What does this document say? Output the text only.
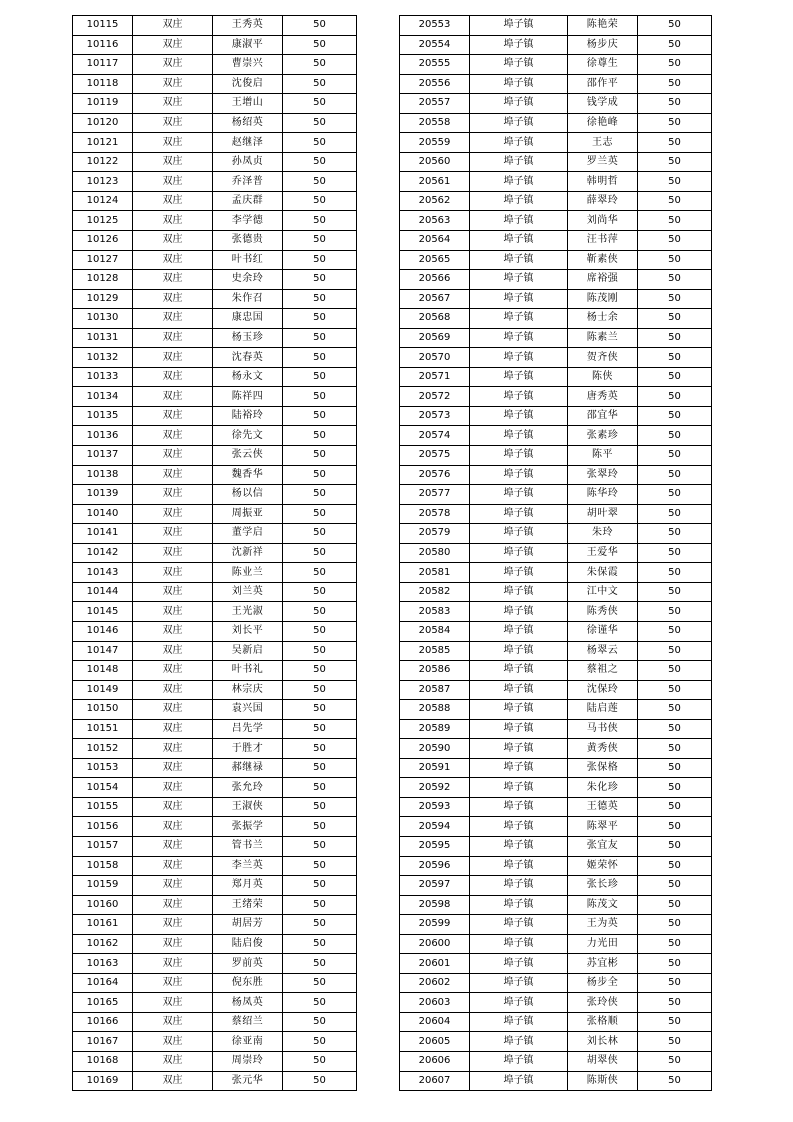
10115	双庄	王秀英	50
10116	双庄	康淑平	50
10117	双庄	曹崇兴	50
10118	双庄	沈俊启	50
10119	双庄	王增山	50
10120	双庄	杨绍英	50
10121	双庄	赵继泽	50
10122	双庄	孙凤贞	50
10123	双庄	乔泽普	50
10124	双庄	孟庆群	50
10125	双庄	李学德	50
10126	双庄	张德贵	50
10127	双庄	叶书红	50
10128	双庄	史余玲	50
10129	双庄	朱作召	50
10130	双庄	康忠国	50
10131	双庄	杨玉珍	50
10132	双庄	沈春英	50
10133	双庄	杨永文	50
10134	双庄	陈祥四	50
10135	双庄	陆裕玲	50
10136	双庄	徐先文	50
10137	双庄	张云侠	50
10138	双庄	魏香华	50
10139	双庄	杨以信	50
10140	双庄	周振亚	50
10141	双庄	董学启	50
10142	双庄	沈新祥	50
10143	双庄	陈业兰	50
10144	双庄	刘兰英	50
10145	双庄	王光淑	50
10146	双庄	刘长平	50
10147	双庄	吴新启	50
10148	双庄	叶书礼	50
10149	双庄	林宗庆	50
10150	双庄	袁兴国	50
10151	双庄	吕先学	50
10152	双庄	于胜才	50
10153	双庄	郝继禄	50
10154	双庄	张允玲	50
10155	双庄	王淑侠	50
10156	双庄	张振学	50
10157	双庄	管书兰	50
10158	双庄	李兰英	50
10159	双庄	郑月英	50
10160	双庄	王绪荣	50
10161	双庄	胡居芳	50
10162	双庄	陆启俊	50
10163	双庄	罗前英	50
10164	双庄	倪东胜	50
10165	双庄	杨凤英	50
10166	双庄	蔡绍兰	50
10167	双庄	徐亚南	50
10168	双庄	周崇玲	50
10169	双庄	张元华	50
20553	埠子镇	陈艳荣	50
20554	埠子镇	杨步庆	50
20555	埠子镇	徐尊生	50
20556	埠子镇	邵作平	50
20557	埠子镇	钱学成	50
20558	埠子镇	徐艳峰	50
20559	埠子镇	王志	50
20560	埠子镇	罗兰英	50
20561	埠子镇	韩明哲	50
20562	埠子镇	薛翠玲	50
20563	埠子镇	刘尚华	50
20564	埠子镇	汪书萍	50
20565	埠子镇	靳素侠	50
20566	埠子镇	席裕强	50
20567	埠子镇	陈茂刚	50
20568	埠子镇	杨士余	50
20569	埠子镇	陈素兰	50
20570	埠子镇	贺齐侠	50
20571	埠子镇	陈侠	50
20572	埠子镇	唐秀英	50
20573	埠子镇	邵宜华	50
20574	埠子镇	张素珍	50
20575	埠子镇	陈平	50
20576	埠子镇	张翠玲	50
20577	埠子镇	陈华玲	50
20578	埠子镇	胡叶翠	50
20579	埠子镇	朱玲	50
20580	埠子镇	王爱华	50
20581	埠子镇	朱保霞	50
20582	埠子镇	江中文	50
20583	埠子镇	陈秀侠	50
20584	埠子镇	徐谨华	50
20585	埠子镇	杨翠云	50
20586	埠子镇	蔡祖之	50
20587	埠子镇	沈保玲	50
20588	埠子镇	陆启莲	50
20589	埠子镇	马书侠	50
20590	埠子镇	黄秀侠	50
20591	埠子镇	张保格	50
20592	埠子镇	朱化珍	50
20593	埠子镇	王德英	50
20594	埠子镇	陈翠平	50
20595	埠子镇	张宜友	50
20596	埠子镇	姬荣怀	50
20597	埠子镇	张长珍	50
20598	埠子镇	陈茂文	50
20599	埠子镇	王为英	50
20600	埠子镇	力光田	50
20601	埠子镇	苏宜彬	50
20602	埠子镇	杨步全	50
20603	埠子镇	张玲侠	50
20604	埠子镇	张格顺	50
20605	埠子镇	刘长林	50
20606	埠子镇	胡翠侠	50
20607	埠子镇	陈斯侠	50
